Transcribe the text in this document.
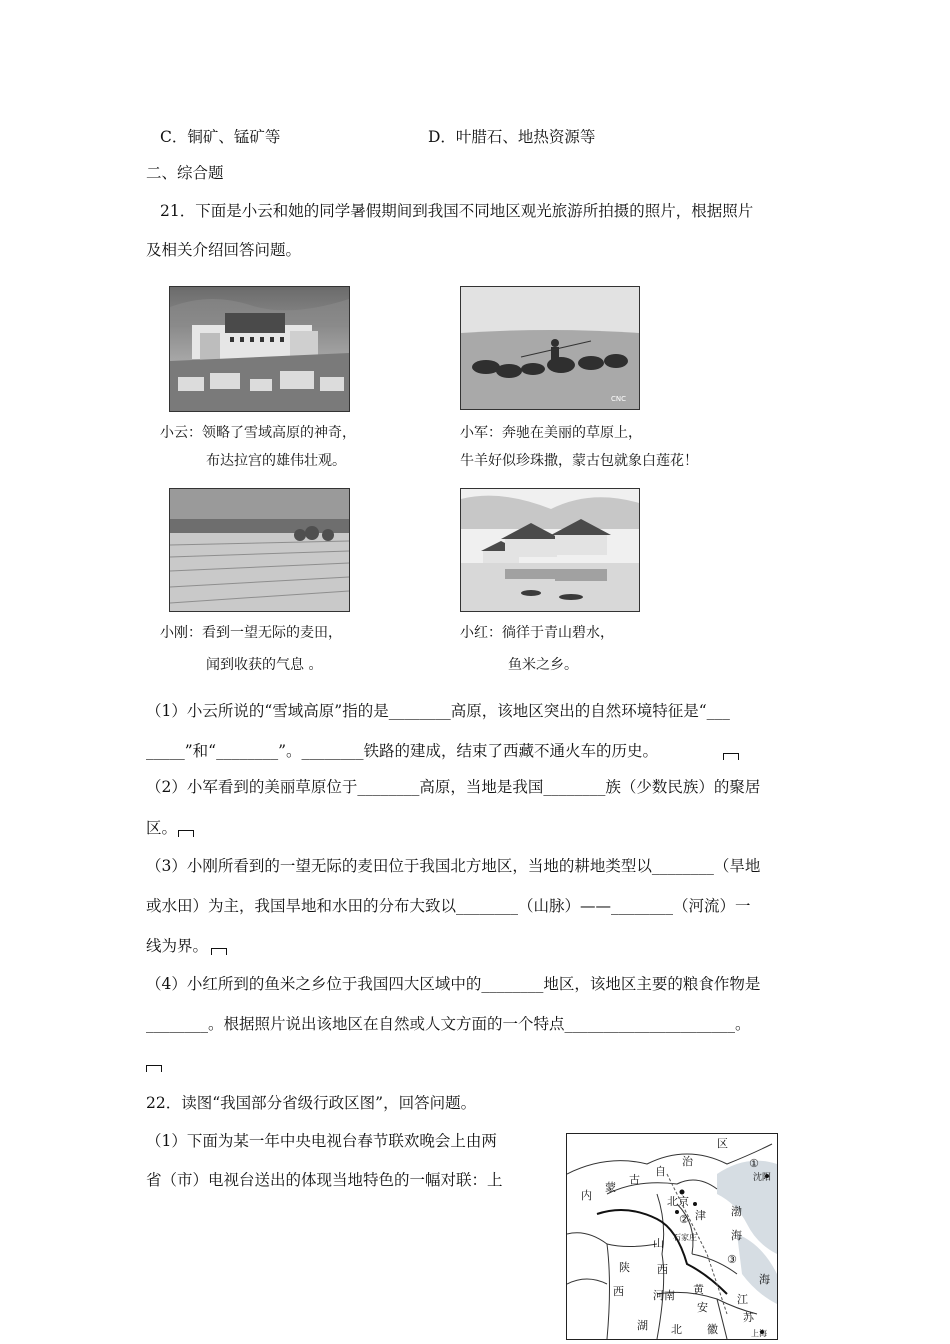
C．铜矿、锰矿等	D．叶腊石、地热资源等
二、综合题
21．下面是小云和她的同学暑假期间到我国不同地区观光旅游所拍摄的照片，根据照片
及相关介绍回答问题。
小云：领略了雪域高原的神奇，
布达拉宫的雄伟壮观。
CNC
小军：奔驰在美丽的草原上，
牛羊好似珍珠撒，蒙古包就象白莲花！
小刚：看到一望无际的麦田，
闻到收获的气息 。
小红：徜徉于青山碧水，
鱼米之乡。
（1）小云所说的“雪域高原”指的是________高原，该地区突出的自然环境特征是“___
_____”和“________”。________铁路的建成，结束了西藏不通火车的历史。
（2）小军看到的美丽草原位于________高原，当地是我国________族（少数民族）的聚居
区。
（3）小刚所看到的一望无际的麦田位于我国北方地区，当地的耕地类型以________（旱地
或水田）为主，我国旱地和水田的分布大致以________（山脉）——________（河流）一
线为界。
（4）小红所到的鱼米之乡位于我国四大区域中的________地区，该地区主要的粮食作物是
________。根据照片说出该地区在自然或人文方面的一个特点______________________。
22．读图“我国部分省级行政区图”，回答问题。
（1）下面为某一年中央电视台春节联欢晚会上由两
省（市）电视台送出的体现当地特色的一幅对联：上
区
治
自
古
蒙
内
①
沈阳
北京
津
②
石家庄
山
渤
海
③
陕 西
西	黄
海
河南
安
江
苏
湖 北 徽	上海
